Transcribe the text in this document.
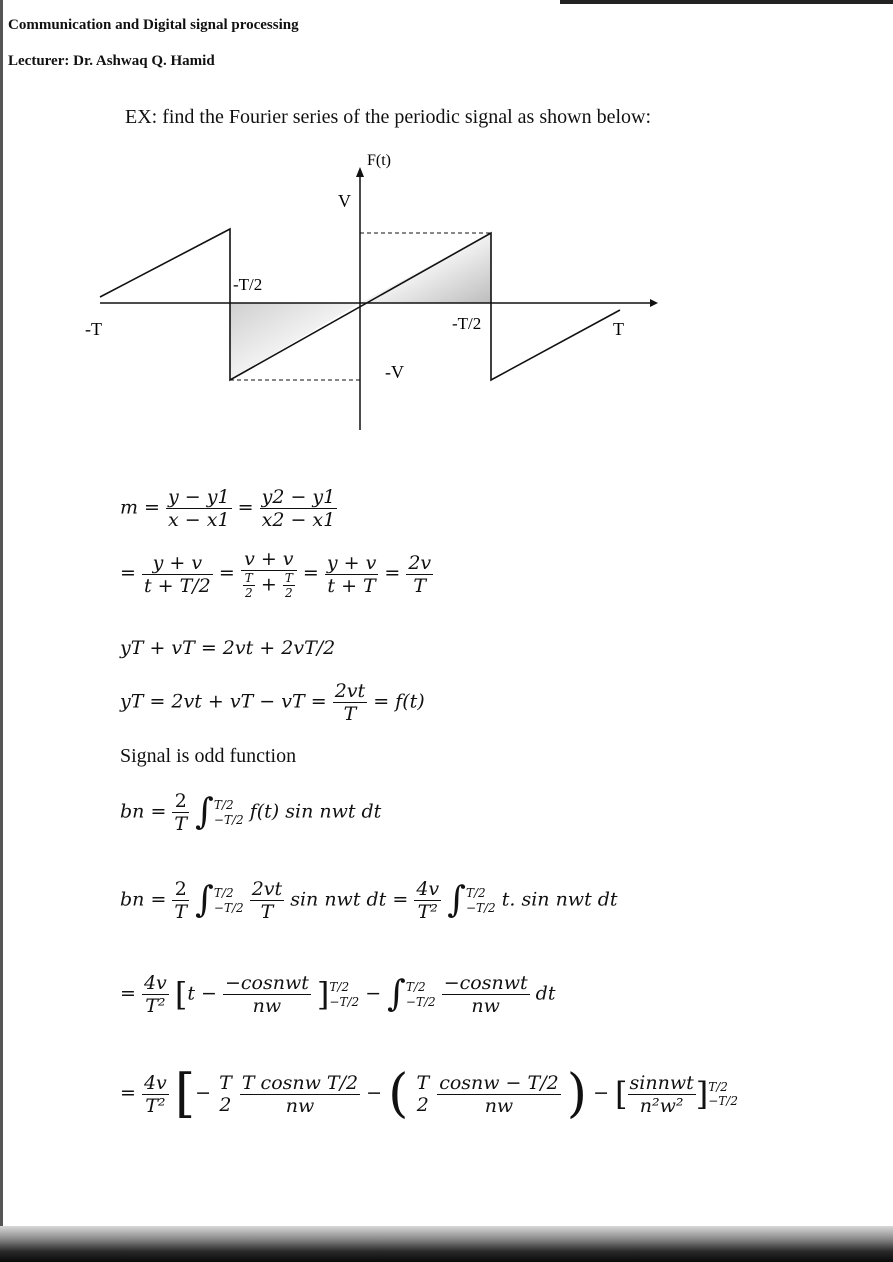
Communication and Digital signal processing
Lecturer: Dr. Ashwaq Q. Hamid
EX: find the Fourier series of the periodic signal as shown below:
F(t)
V
-V
-T/2
-T/2
-T	T
$m = \frac{y - y1}{x - x1} = \frac{y2 - y1}{x2 - x1}$
= $\frac{y + v}{t + T/2} = \frac{v + v}{\frac{T}{2} + \frac{T}{2}} = \frac{y + v}{t + T} = \frac{2v}{T}$
yT + vT = 2vt + 2vT/2
yT = 2vt + vT − vT = $\frac{2vt}{T} = f(t)$
Signal is odd function
bn = $\frac{2}{T}$ ∫ T/2
−T/2 f(t) sin nwt dt
bn = $\frac{2}{T}$ ∫ T/2
−T/2
$\frac{2vt}{T}$ sin nwt dt = $\frac{4v}{\text{T²}}$ ∫ T/2
−T/2 t. sin nwt dt
= $\frac{4v}{\text{T²}} [t - \frac{\text{−cosnwt}}{nw}$ ] T/2
−T/2 − ∫ T/2
−T/2
$\frac{\text{−cosnwt}}{nw}$ dt
= $\frac{4v}{\text{T²}}$ [− T
2
$\frac{\text{T cosnw T/2}}{nw}$ − ( T
2
$\frac{\text{cosnw − T/2}}{nw}$ ) − [ $\frac{\text{sinnwt}}{\text{n²w²}}$ ] T/2
−T/2
